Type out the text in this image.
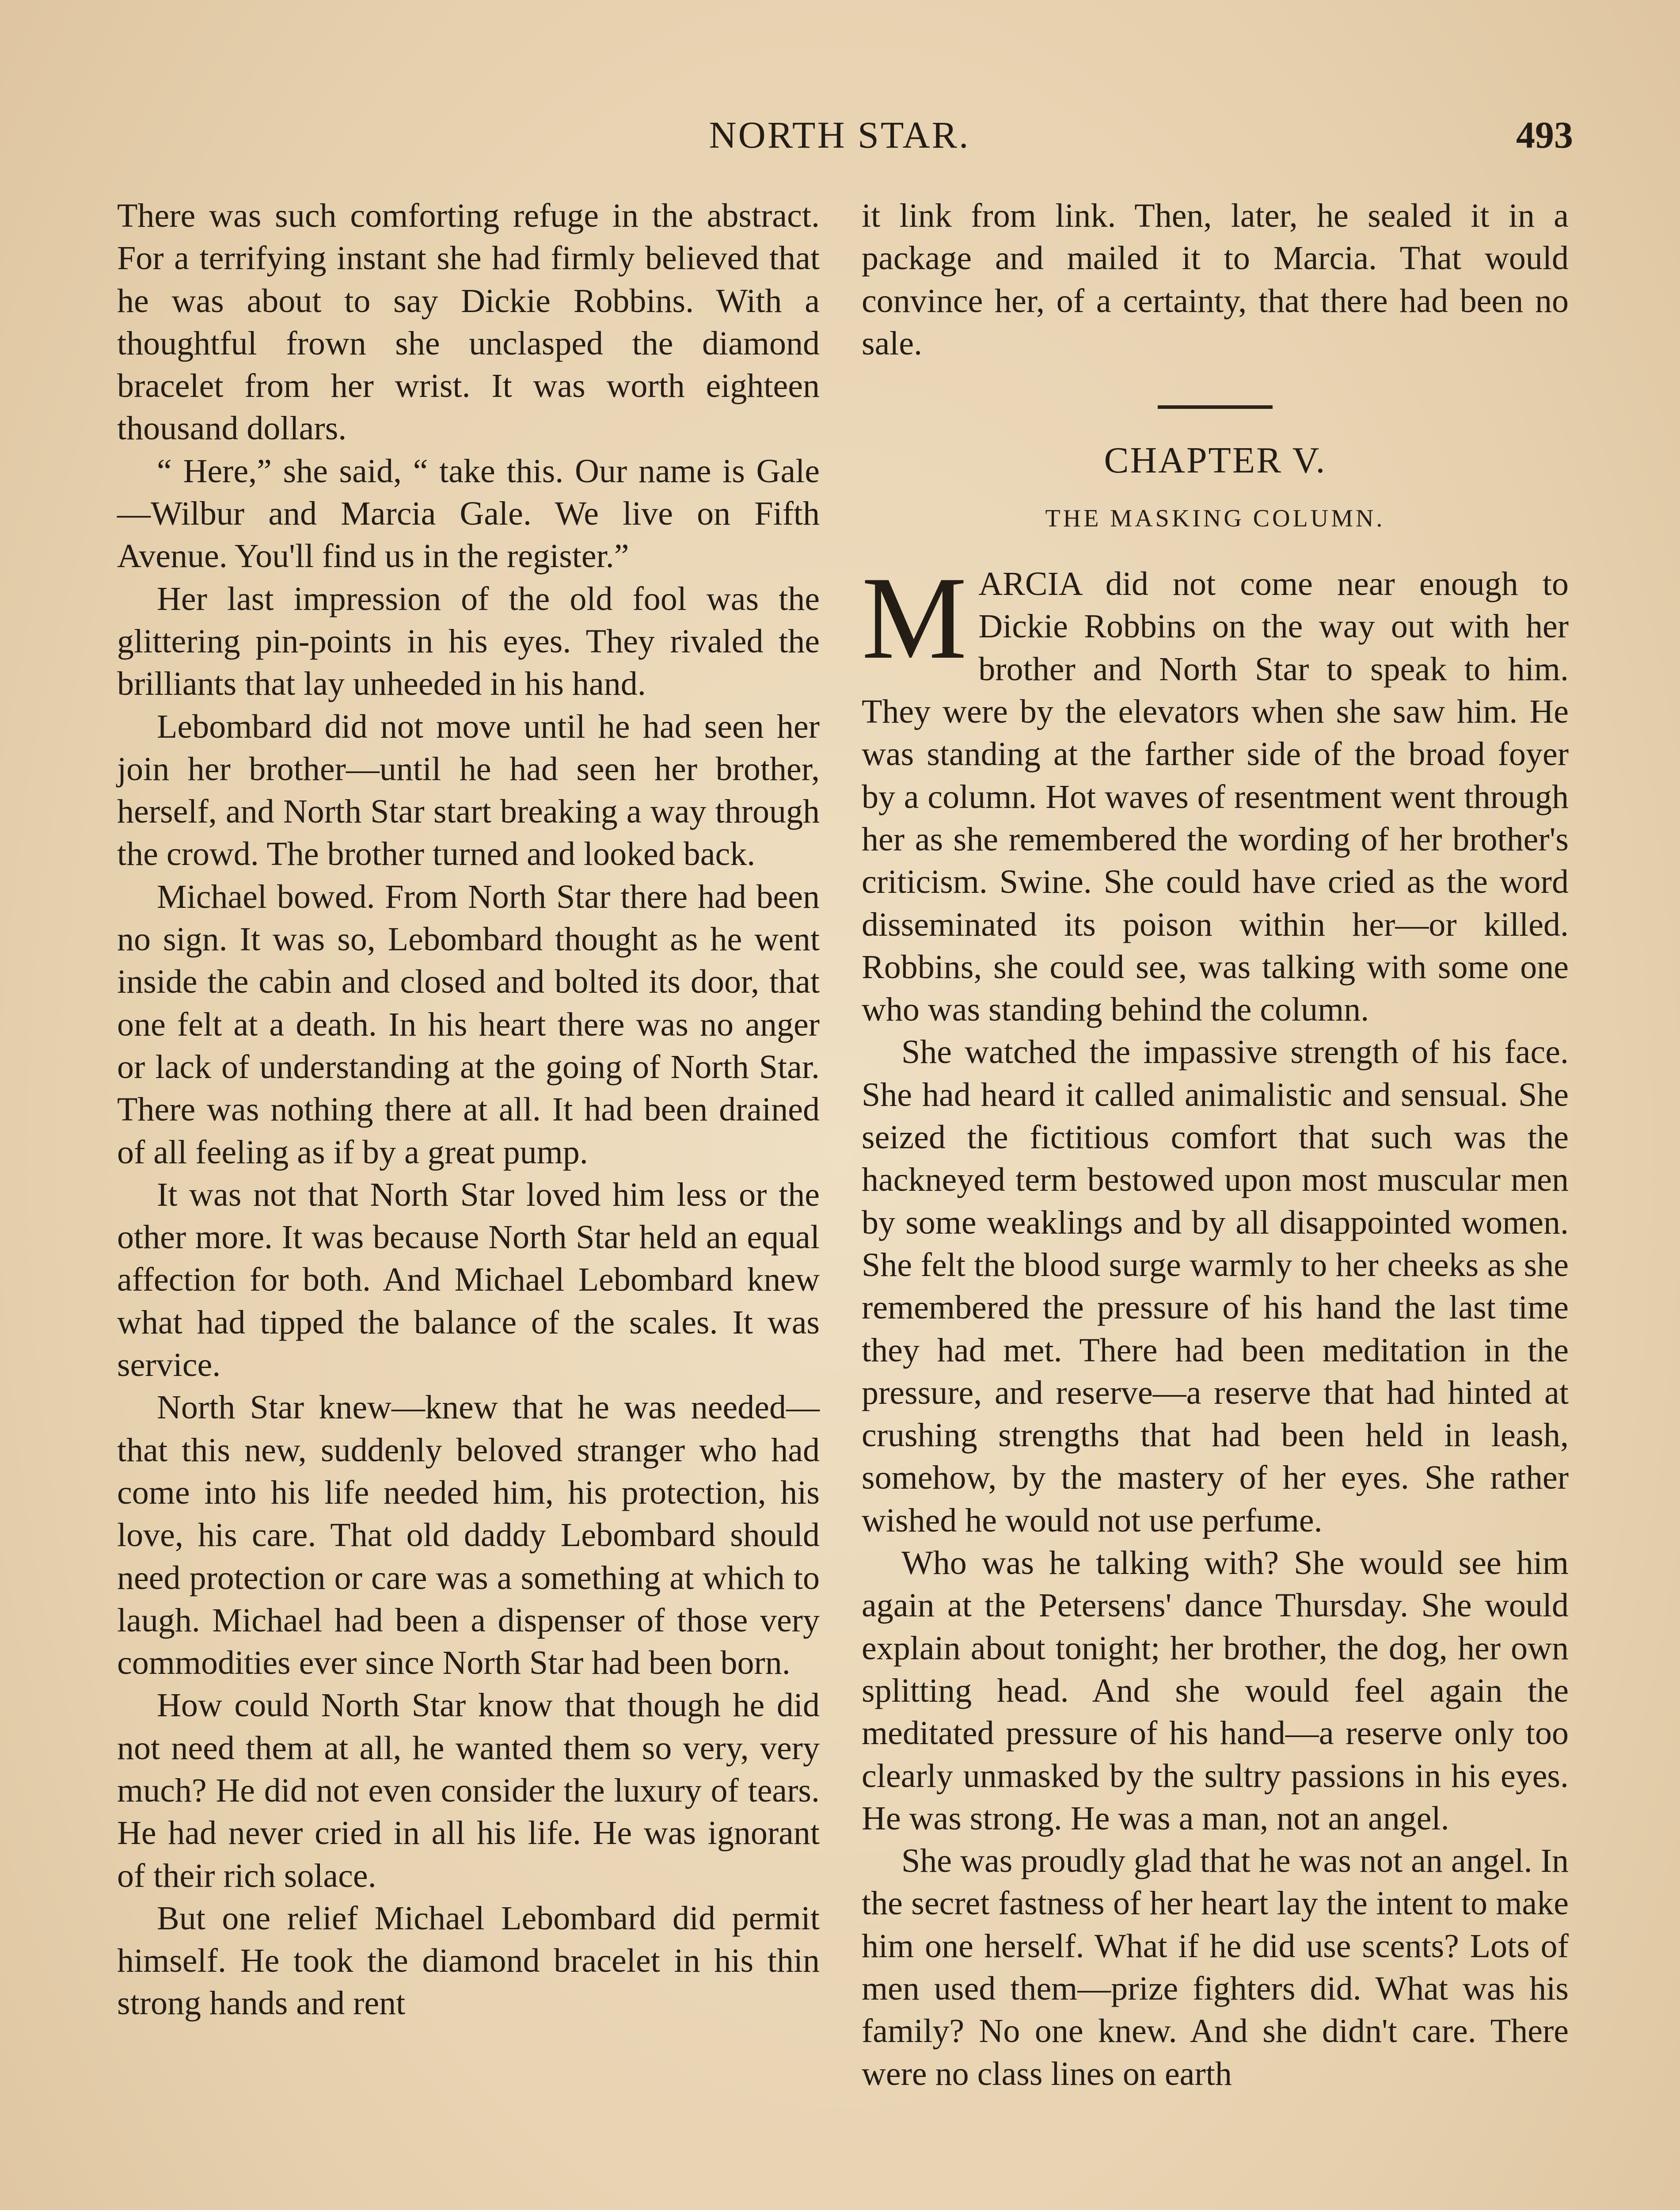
NORTH STAR.	493

There was such comforting refuge in the abstract. For a terrifying instant she had firmly believed that he was about to say Dickie Robbins. With a thoughtful frown she unclasped the diamond bracelet from her wrist. It was worth eighteen thousand dollars.

“ Here,” she said, “ take this. Our name is Gale—Wilbur and Marcia Gale. We live on Fifth Avenue. You'll find us in the register.”

Her last impression of the old fool was the glittering pin-points in his eyes. They rivaled the brilliants that lay unheeded in his hand.

Lebombard did not move until he had seen her join her brother—until he had seen her brother, herself, and North Star start breaking a way through the crowd. The brother turned and looked back.

Michael bowed. From North Star there had been no sign. It was so, Lebombard thought as he went inside the cabin and closed and bolted its door, that one felt at a death. In his heart there was no anger or lack of understanding at the going of North Star. There was nothing there at all. It had been drained of all feeling as if by a great pump.

It was not that North Star loved him less or the other more. It was because North Star held an equal affection for both. And Michael Lebombard knew what had tipped the balance of the scales. It was service.

North Star knew—knew that he was needed—that this new, suddenly beloved stranger who had come into his life needed him, his protection, his love, his care. That old daddy Lebombard should need protection or care was a something at which to laugh. Michael had been a dispenser of those very commodities ever since North Star had been born.

How could North Star know that though he did not need them at all, he wanted them so very, very much? He did not even consider the luxury of tears. He had never cried in all his life. He was ignorant of their rich solace.

But one relief Michael Lebombard did permit himself. He took the diamond bracelet in his thin strong hands and rent

it link from link. Then, later, he sealed it in a package and mailed it to Marcia. That would convince her, of a certainty, that there had been no sale.

CHAPTER V.
THE MASKING COLUMN.

MARCIA did not come near enough to Dickie Robbins on the way out with her brother and North Star to speak to him. They were by the elevators when she saw him. He was standing at the farther side of the broad foyer by a column. Hot waves of resentment went through her as she remembered the wording of her brother's criticism. Swine. She could have cried as the word disseminated its poison within her—or killed. Robbins, she could see, was talking with some one who was standing behind the column.

She watched the impassive strength of his face. She had heard it called animalistic and sensual. She seized the fictitious comfort that such was the hackneyed term bestowed upon most muscular men by some weaklings and by all disappointed women. She felt the blood surge warmly to her cheeks as she remembered the pressure of his hand the last time they had met. There had been meditation in the pressure, and reserve—a reserve that had hinted at crushing strengths that had been held in leash, somehow, by the mastery of her eyes. She rather wished he would not use perfume.

Who was he talking with? She would see him again at the Petersens' dance Thursday. She would explain about tonight; her brother, the dog, her own splitting head. And she would feel again the meditated pressure of his hand—a reserve only too clearly unmasked by the sultry passions in his eyes. He was strong. He was a man, not an angel.

She was proudly glad that he was not an angel. In the secret fastness of her heart lay the intent to make him one herself. What if he did use scents? Lots of men used them—prize fighters did. What was his family? No one knew. And she didn't care. There were no class lines on earth
